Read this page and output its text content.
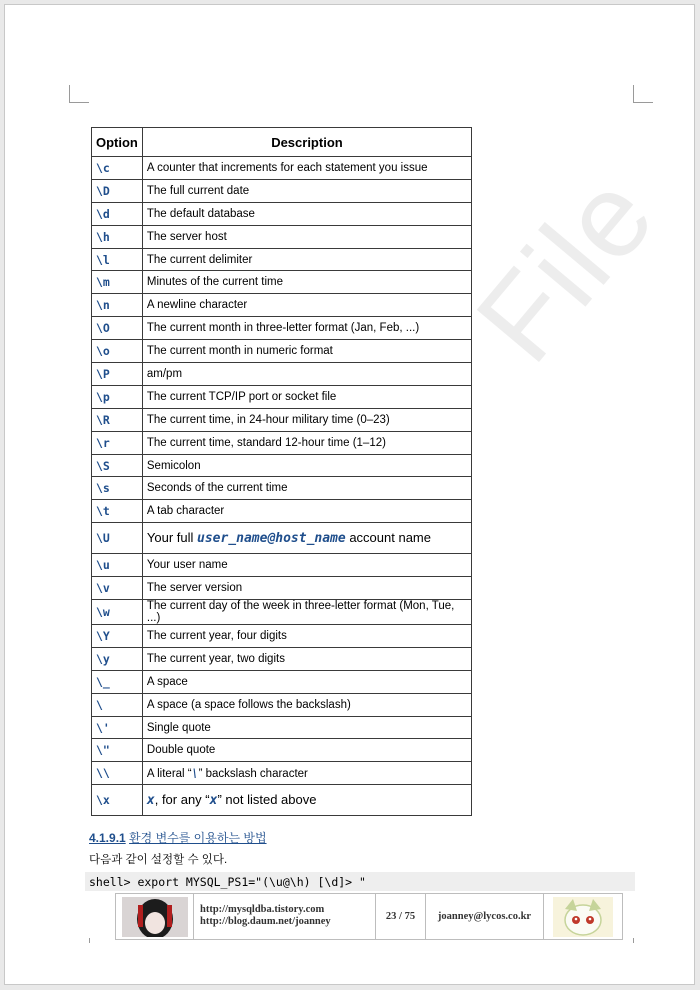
File
Option	Description
\c	A counter that increments for each statement you issue
\D	The full current date
\d	The default database
\h	The server host
\l	The current delimiter
\m	Minutes of the current time
\n	A newline character
\O	The current month in three-letter format (Jan, Feb, ...)
\o	The current month in numeric format
\P	am/pm
\p	The current TCP/IP port or socket file
\R	The current time, in 24-hour military time (0–23)
\r	The current time, standard 12-hour time (1–12)
\S	Semicolon
\s	Seconds of the current time
\t	A tab character
\U	Your full user_name@host_name account name
\u	Your user name
\v	The server version
\w	The current day of the week in three-letter format (Mon, Tue, ...)
\Y	The current year, four digits
\y	The current year, two digits
\_	A space
\	A space (a space follows the backslash)
\'	Single quote
\"	Double quote
\\	A literal “\” backslash character
\x	x, for any “x” not listed above
4.1.9.1 환경 변수를 이용하는 방법
다음과 같이 설정할 수 있다.
shell> export MYSQL_PS1="(\u@\h) [\d]> "
http://mysqldba.tistory.com
http://blog.daum.net/joanney	23 / 75	joanney@lycos.co.kr
